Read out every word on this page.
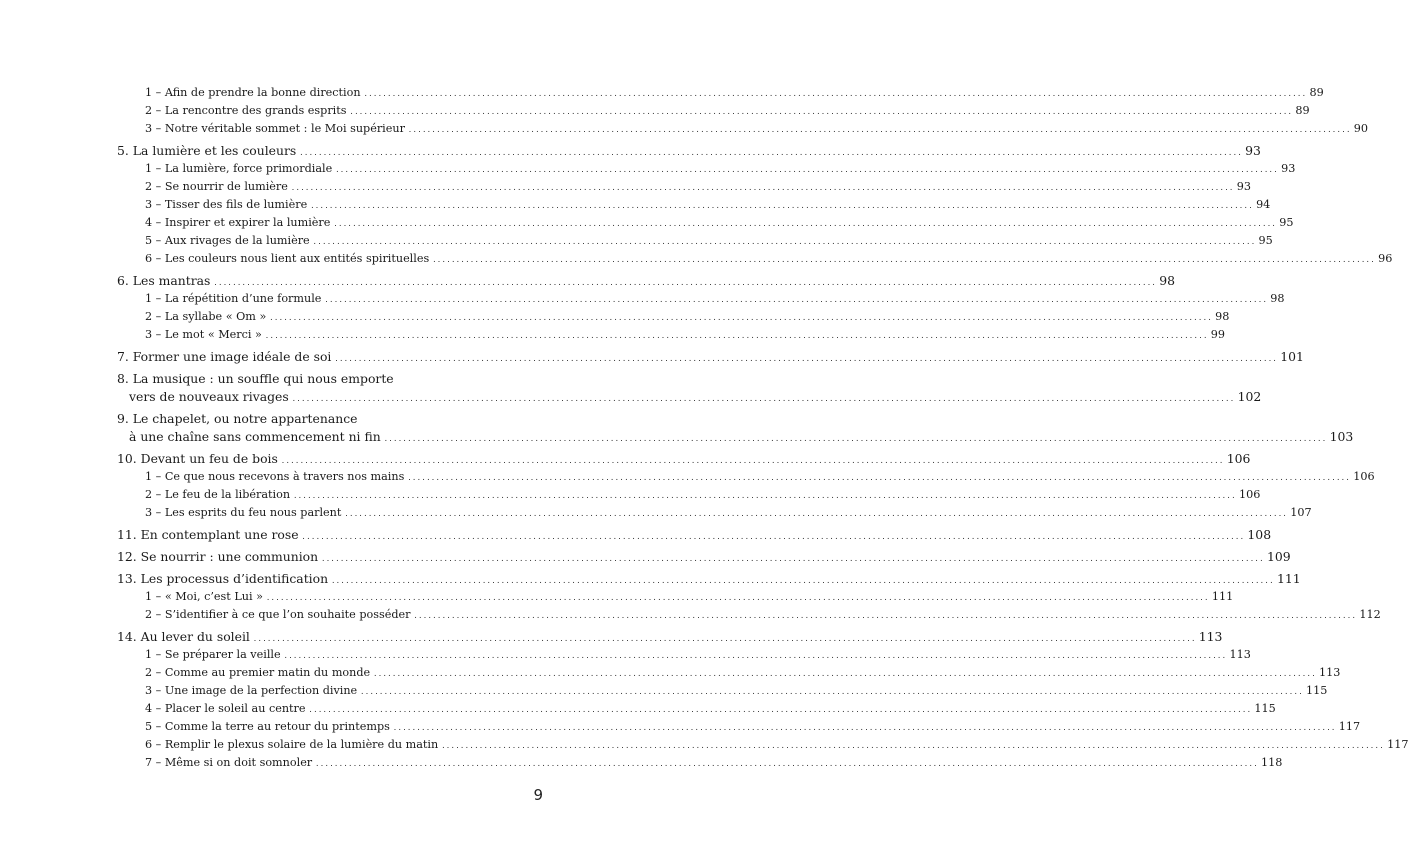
1 – Afin de prendre la bonne direction ........................................................................................................................................................................................................ 89
2 – La rencontre des grands esprits ........................................................................................................................................................................................................ 89
3 – Notre véritable sommet : le Moi supérieur ........................................................................................................................................................................................................ 90
5. La lumière et les couleurs ........................................................................................................................................................................................................ 93
1 – La lumière, force primordiale ........................................................................................................................................................................................................ 93
2 – Se nourrir de lumière ........................................................................................................................................................................................................ 93
3 – Tisser des fils de lumière ........................................................................................................................................................................................................ 94
4 – Inspirer et expirer la lumière ........................................................................................................................................................................................................ 95
5 – Aux rivages de la lumière ........................................................................................................................................................................................................ 95
6 – Les couleurs nous lient aux entités spirituelles ........................................................................................................................................................................................................ 96
6. Les mantras ........................................................................................................................................................................................................ 98
1 – La répétition d’une formule ........................................................................................................................................................................................................ 98
2 – La syllabe « Om » ........................................................................................................................................................................................................ 98
3 – Le mot « Merci » ........................................................................................................................................................................................................ 99
7. Former une image idéale de soi ........................................................................................................................................................................................................ 101
8. La musique : un souffle qui nous emporte
vers de nouveaux rivages ........................................................................................................................................................................................................ 102
9. Le chapelet, ou notre appartenance
à une chaîne sans commencement ni fin ........................................................................................................................................................................................................ 103
10. Devant un feu de bois ........................................................................................................................................................................................................ 106
1 – Ce que nous recevons à travers nos mains ........................................................................................................................................................................................................ 106
2 – Le feu de la libération ........................................................................................................................................................................................................ 106
3 – Les esprits du feu nous parlent ........................................................................................................................................................................................................ 107
11. En contemplant une rose ........................................................................................................................................................................................................ 108
12. Se nourrir : une communion ........................................................................................................................................................................................................ 109
13. Les processus d’identification ........................................................................................................................................................................................................ 111
1 – « Moi, c’est Lui » ........................................................................................................................................................................................................ 111
2 – S’identifier à ce que l’on souhaite posséder ........................................................................................................................................................................................................ 112
14. Au lever du soleil ........................................................................................................................................................................................................ 113
1 – Se préparer la veille ........................................................................................................................................................................................................ 113
2 – Comme au premier matin du monde ........................................................................................................................................................................................................ 113
3 – Une image de la perfection divine ........................................................................................................................................................................................................ 115
4 – Placer le soleil au centre ........................................................................................................................................................................................................ 115
5 – Comme la terre au retour du printemps ........................................................................................................................................................................................................ 117
6 – Remplir le plexus solaire de la lumière du matin ........................................................................................................................................................................................................ 117
7 – Même si on doit somnoler ........................................................................................................................................................................................................ 118
9
